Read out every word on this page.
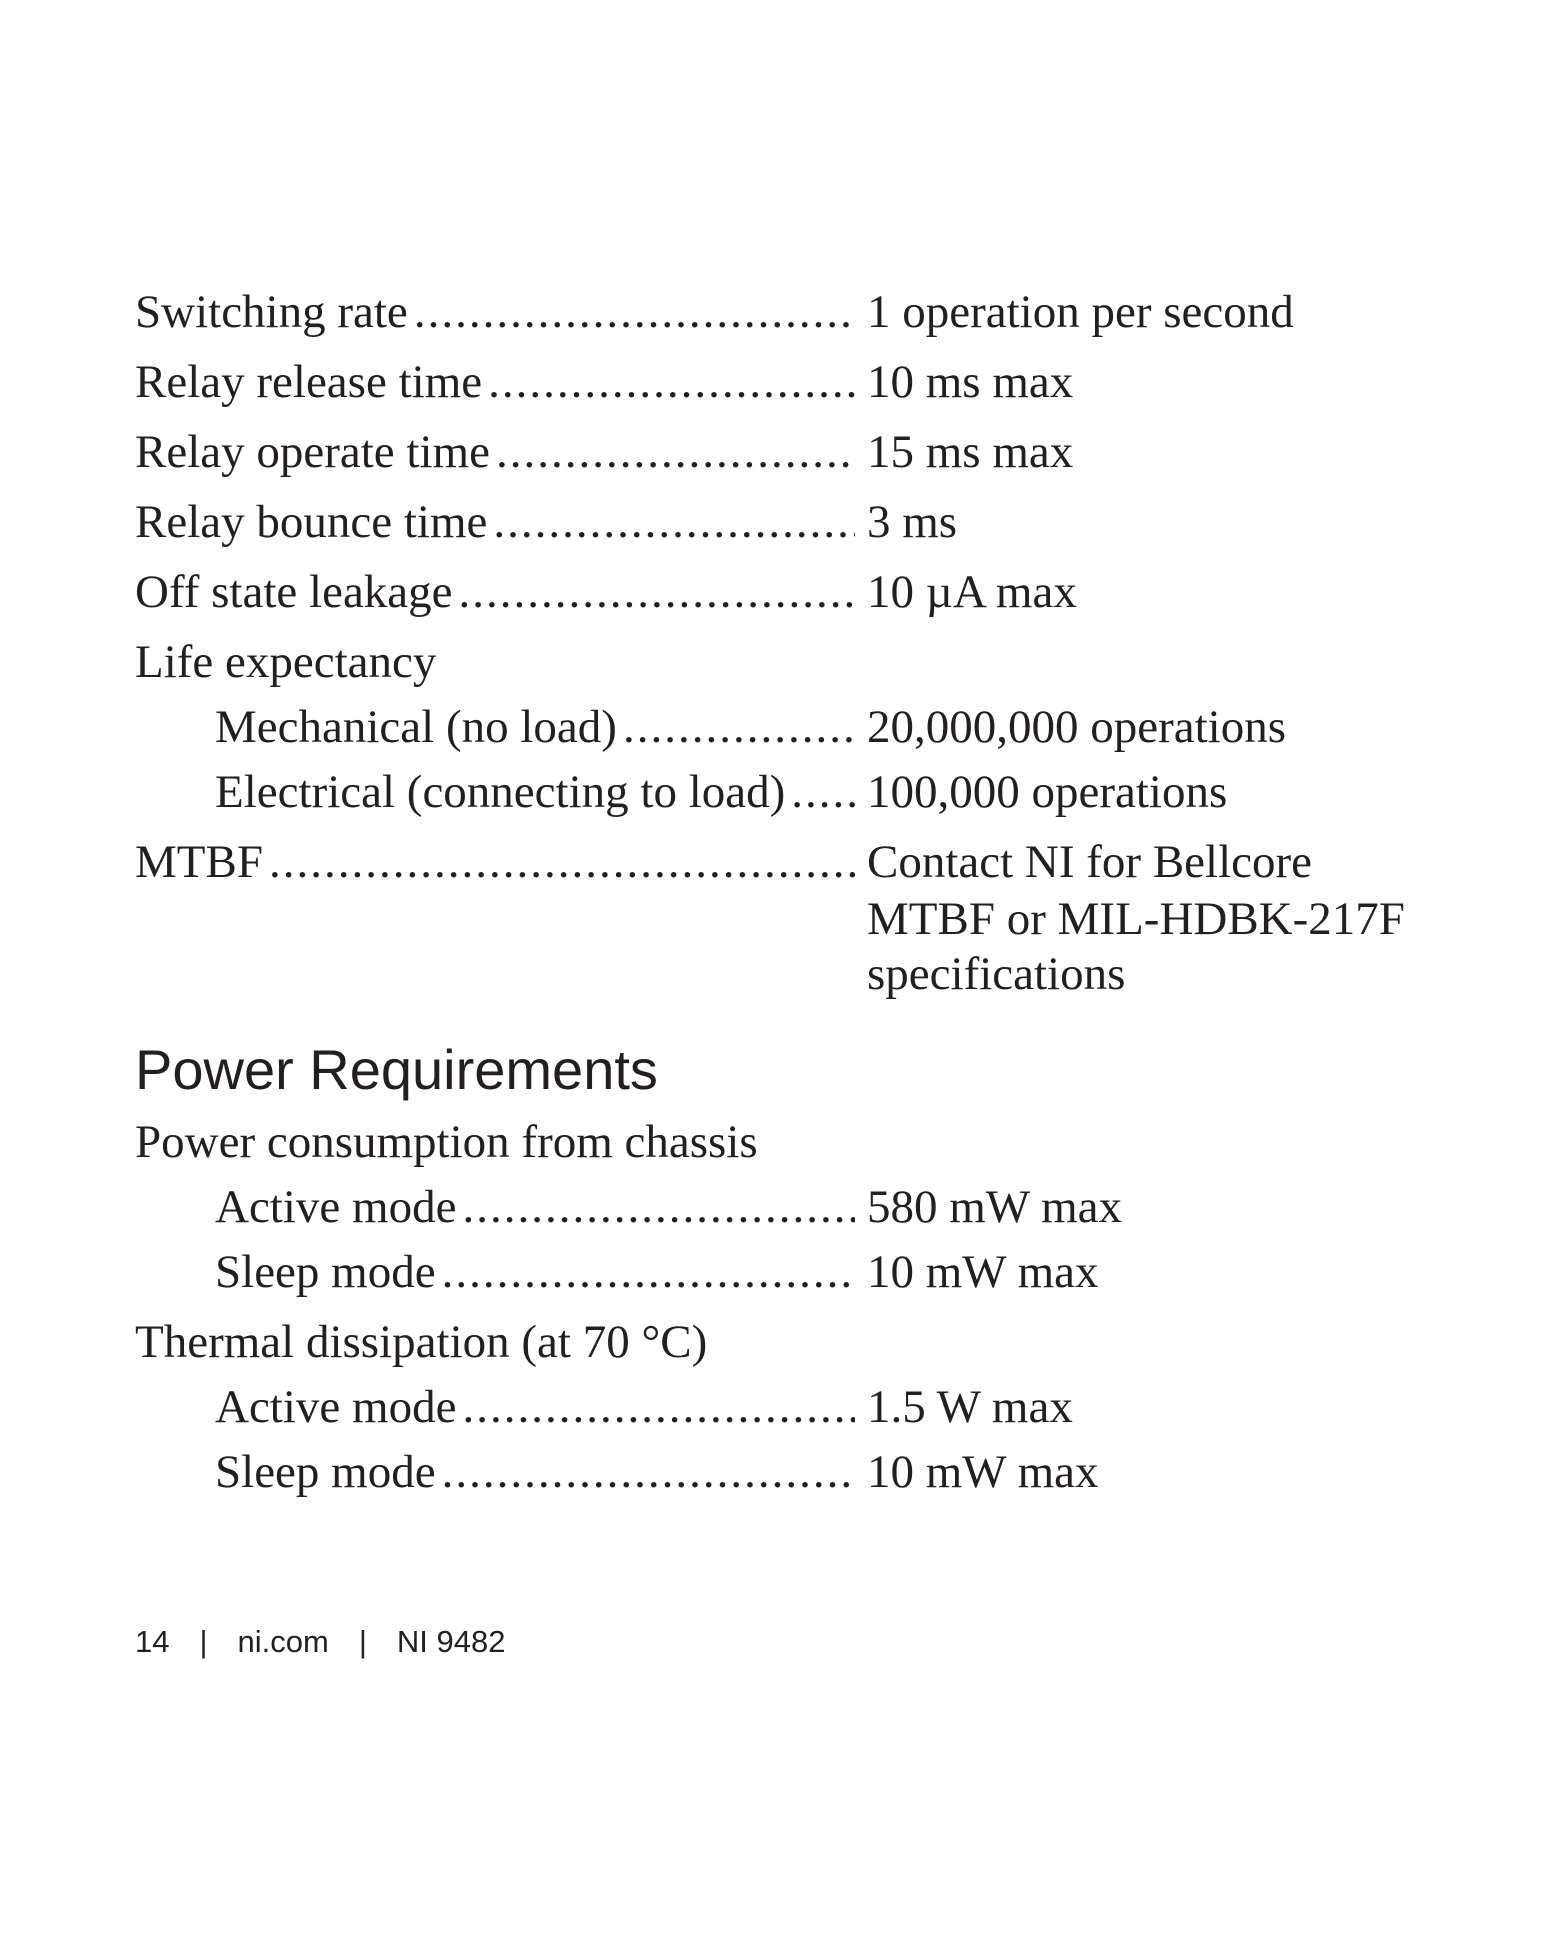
Switching rate .....	1 operation per second
Relay release time .....	10 ms max
Relay operate time .....	15 ms max
Relay bounce time .....	3 ms
Off state leakage .....	10 µA max
Life expectancy
Mechanical (no load) .....	20,000,000 operations
Electrical (connecting to load) ..... 100,000 operations
MTBF .....	Contact NI for Bellcore
MTBF or MIL-HDBK-217F
specifications
Power Requirements
Power consumption from chassis
Active mode .....	580 mW max
Sleep mode .....	10 mW max
Thermal dissipation (at 70 °C)
Active mode .....	1.5 W max
Sleep mode .....	10 mW max
14 | ni.com | NI 9482
